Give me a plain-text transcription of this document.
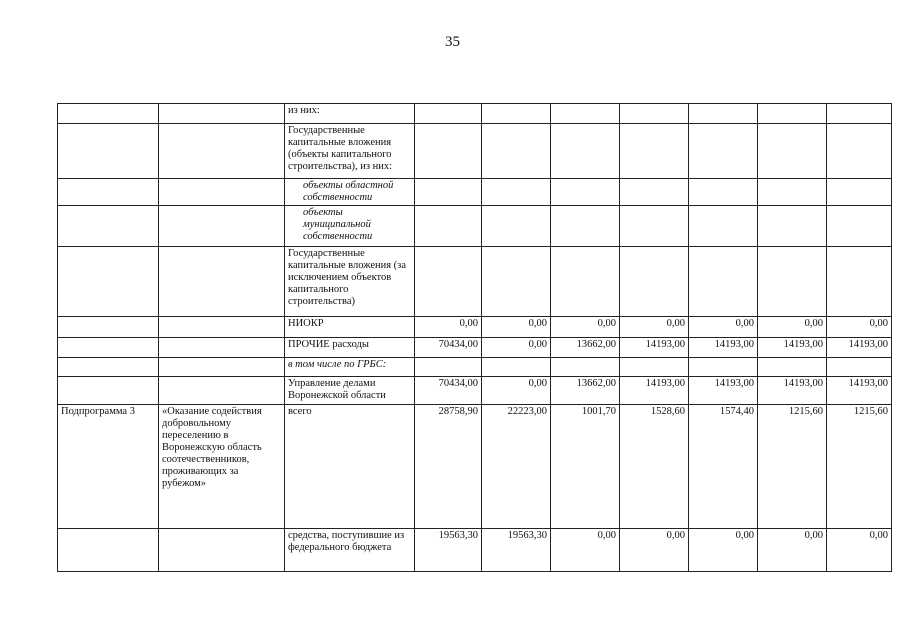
35
		из них:							
		Государственные капитальные вложения (объекты капитального строительства), из них:							
		объекты областной собственности							
		объекты муниципальной собственности							
		Государственные капитальные вложения (за исключением объектов капитального строительства)							
		НИОКР	0,00	0,00	0,00	0,00	0,00	0,00	0,00
		ПРОЧИЕ расходы	70434,00	0,00	13662,00	14193,00	14193,00	14193,00	14193,00
		в том числе по ГРБС:							
		Управление делами Воронежской области	70434,00	0,00	13662,00	14193,00	14193,00	14193,00	14193,00
Подпрограмма 3	«Оказание содействия добровольному переселению в Воронежскую область соотечественников, проживающих за рубежом»	всего	28758,90	22223,00	1001,70	1528,60	1574,40	1215,60	1215,60
		средства, поступившие из федерального бюджета	19563,30	19563,30	0,00	0,00	0,00	0,00	0,00
